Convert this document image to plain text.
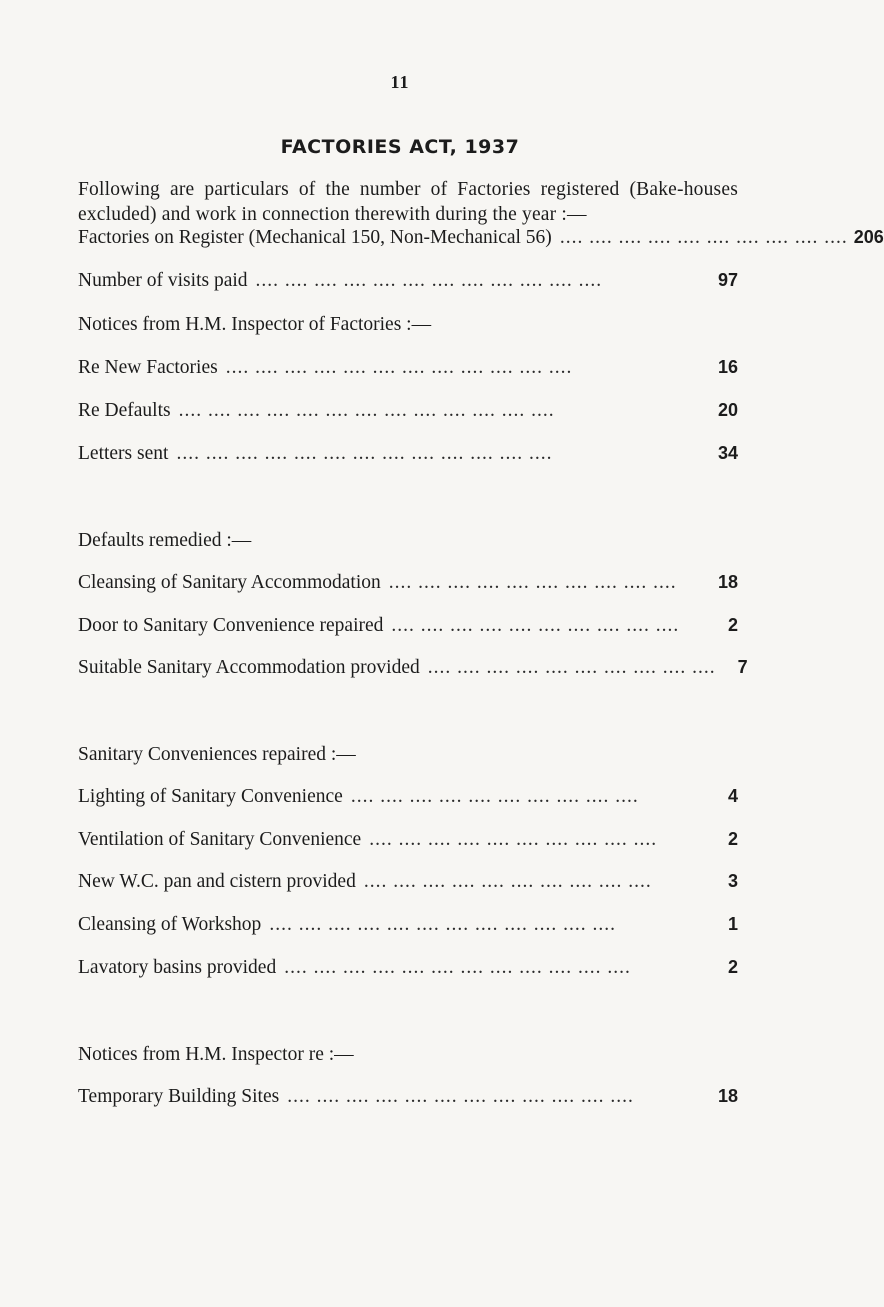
11
FACTORIES ACT, 1937
Following are particulars of the number of Factories registered (Bake-houses excluded) and work in connection therewith during the year :—
Factories on Register (Mechanical 150, Non-Mechanical 56) .... .... .... .... .... .... .... .... .... .... 206
Number of visits paid .... .... .... .... .... .... .... .... .... .... .... ....	97
Notices from H.M. Inspector of Factories :—
Re New Factories .... .... .... .... .... .... .... .... .... .... .... ....	16
Re Defaults .... .... .... .... .... .... .... .... .... .... .... .... ....	20
Letters sent .... .... .... .... .... .... .... .... .... .... .... .... ....	34
Defaults remedied :—
Cleansing of Sanitary Accommodation .... .... .... .... .... .... .... .... .... ....	18
Door to Sanitary Convenience repaired .... .... .... .... .... .... .... .... .... ....	2
Suitable Sanitary Accommodation provided .... .... .... .... .... .... .... .... .... ....	7
Sanitary Conveniences repaired :—
Lighting of Sanitary Convenience .... .... .... .... .... .... .... .... .... ....	4
Ventilation of Sanitary Convenience .... .... .... .... .... .... .... .... .... ....	2
New W.C. pan and cistern provided .... .... .... .... .... .... .... .... .... ....	3
Cleansing of Workshop .... .... .... .... .... .... .... .... .... .... .... ....	1
Lavatory basins provided .... .... .... .... .... .... .... .... .... .... .... ....	2
Notices from H.M. Inspector re :—
Temporary Building Sites .... .... .... .... .... .... .... .... .... .... .... ....	18
